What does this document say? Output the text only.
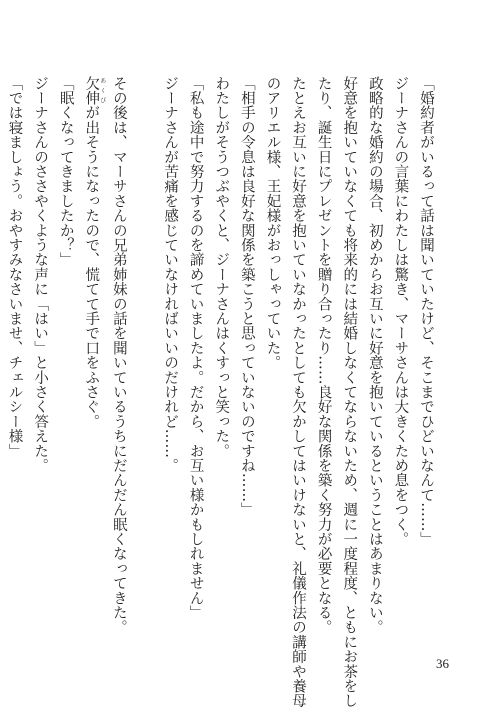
「婚約者がいるって話は聞いていたけど、そこまでひどいなんて……」
ジーナさんの言葉にわたしは驚き、マーサさんは大きくため息をつく。
政略的な婚約の場合、初めからお互いに好意を抱いているということはあまりない。
好意を抱いていなくても将来的には結婚しなくてならないため、週に一度程度、ともにお茶をし
たり、誕生日にプレゼントを贈り合ったり……良好な関係を築く努力が必要となる。
たとえお互いに好意を抱いていなかったとしても欠かしてはいけないと、礼儀作法の講師や養母
のアリエル様、王妃様がおっしゃっていた。
「相手の令息は良好な関係を築こうと思っていないのですね……」
わたしがそうつぶやくと、ジーナさんはくすっと笑った。
「私も途中で努力するのを諦めていましたよ。だから、お互い様かもしれません」
ジーナさんが苦痛を感じていなければいいのだけれど……。
その後は、マーサさんの兄弟姉妹の話を聞いているうちにだんだん眠くなってきた。
欠伸 あくびが出そうになったので、慌てて手で口をふさぐ。
「眠くなってきましたか？」
ジーナさんのささやくような声に「はい」と小さく答えた。
「では寝ましょう。おやすみなさいませ、チェルシー様」
36
